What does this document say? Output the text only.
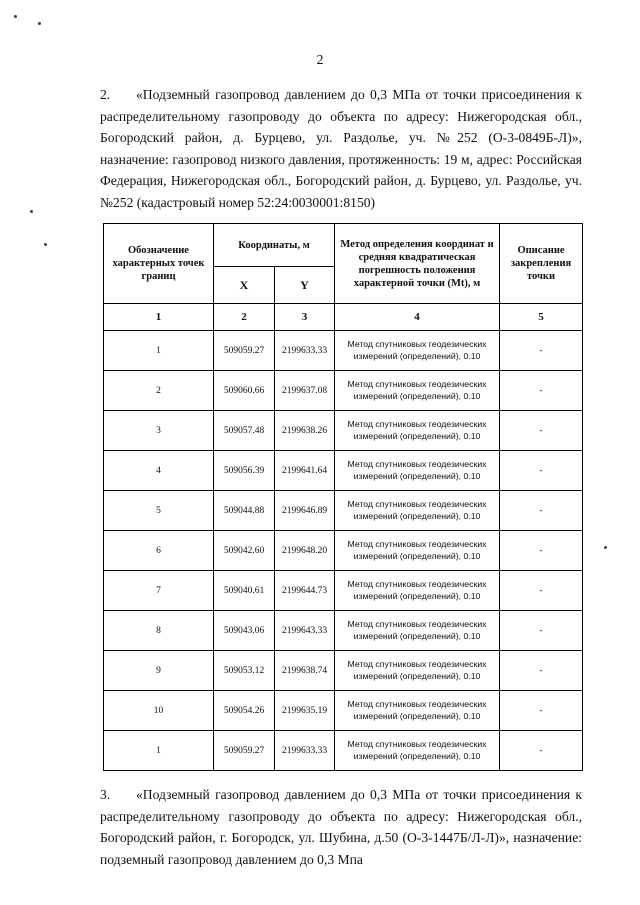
2
2. «Подземный газопровод давлением до 0,3 МПа от точки присоединения к распределительному газопроводу до объекта по адресу: Нижегородская обл., Богородский район, д. Бурцево, ул. Раздолье, уч. №252 (О-3-0849Б-Л)», назначение: газопровод низкого давления, протяженность: 19 м, адрес: Российская Федерация, Нижегородская обл., Богородский район, д. Бурцево, ул. Раздолье, уч. №252 (кадастровый номер 52:24:0030001:8150)
Обозначение характерных точек границ	Координаты, м		Метод определения координат и средняя квадратическая погрешность положения характерной точки (Mt), м	Описание закрепления точки
	X	Y		
1	2	3	4	5
1	509059.27	2199633.33	Метод спутниковых геодезических измерений (определений), 0.10	-
2	509060.66	2199637.08	Метод спутниковых геодезических измерений (определений), 0.10	-
3	509057.48	2199638.26	Метод спутниковых геодезических измерений (определений), 0.10	-
4	509056.39	2199641.64	Метод спутниковых геодезических измерений (определений), 0.10	-
5	509044.88	2199646.89	Метод спутниковых геодезических измерений (определений), 0.10	-
6	509042.60	2199648.20	Метод спутниковых геодезических измерений (определений), 0.10	-
7	509040.61	2199644.73	Метод спутниковых геодезических измерений (определений), 0.10	-
8	509043.06	2199643.33	Метод спутниковых геодезических измерений (определений), 0.10	-
9	509053.12	2199638.74	Метод спутниковых геодезических измерений (определений), 0.10	-
10	509054.26	2199635.19	Метод спутниковых геодезических измерений (определений), 0.10	-
1	509059.27	2199633.33	Метод спутниковых геодезических измерений (определений), 0.10	-
3. «Подземный газопровод давлением до 0,3 МПа от точки присоединения к распределительному газопроводу до объекта по адресу: Нижегородская обл., Богородский район, г. Богородск, ул. Шубина, д.50 (О-3-1447Б/Л-Л)», назначение: подземный газопровод давлением до 0,3 Мпа
